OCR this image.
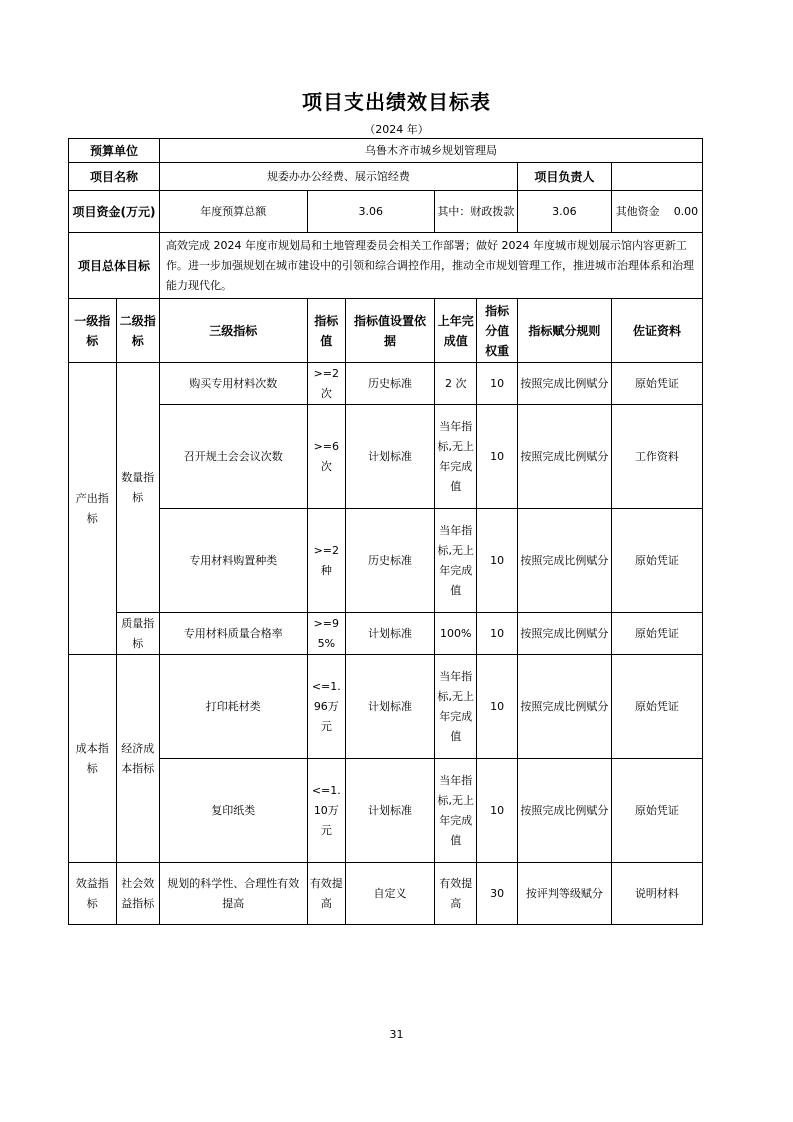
项目支出绩效目标表
（2024 年）
预算单位		乌鲁木齐市城乡规划管理局						
项目名称		规委办办公经费、展示馆经费					项目负责人	
项目资金(万元)		年度预算总额	3.06		其中：财政拨款		3.06	其他资金 0.00
项目总体目标		高效完成 2024 年度市规划局和土地管理委员会相关工作部署；做好 2024 年度城市规划展示馆内容更新工作。进一步加强规划在城市建设中的引领和综合调控作用，推动全市规划管理工作，推进城市治理体系和治理能力现代化。						
一级指标	二级指标	三级指标	指标值	指标值设置依据	上年完成值	指标分值权重	指标赋分规则	佐证资料
产出指标	数量指标	购买专用材料次数	>=2次	历史标准	2 次	10	按照完成比例赋分	原始凭证
		召开规土会会议次数	>=6次	计划标准	当年指标,无上年完成值	10	按照完成比例赋分	工作资料
		专用材料购置种类	>=2种	历史标准	当年指标,无上年完成值	10	按照完成比例赋分	原始凭证
	质量指标	专用材料质量合格率	>=95%	计划标准	100%	10	按照完成比例赋分	原始凭证
成本指标	经济成本指标	打印耗材类	<=1.96万元	计划标准	当年指标,无上年完成值	10	按照完成比例赋分	原始凭证
		复印纸类	<=1.10万元	计划标准	当年指标,无上年完成值	10	按照完成比例赋分	原始凭证
效益指标	社会效益指标	规划的科学性、合理性有效提高	有效提高	自定义	有效提高	30	按评判等级赋分	说明材料
31
